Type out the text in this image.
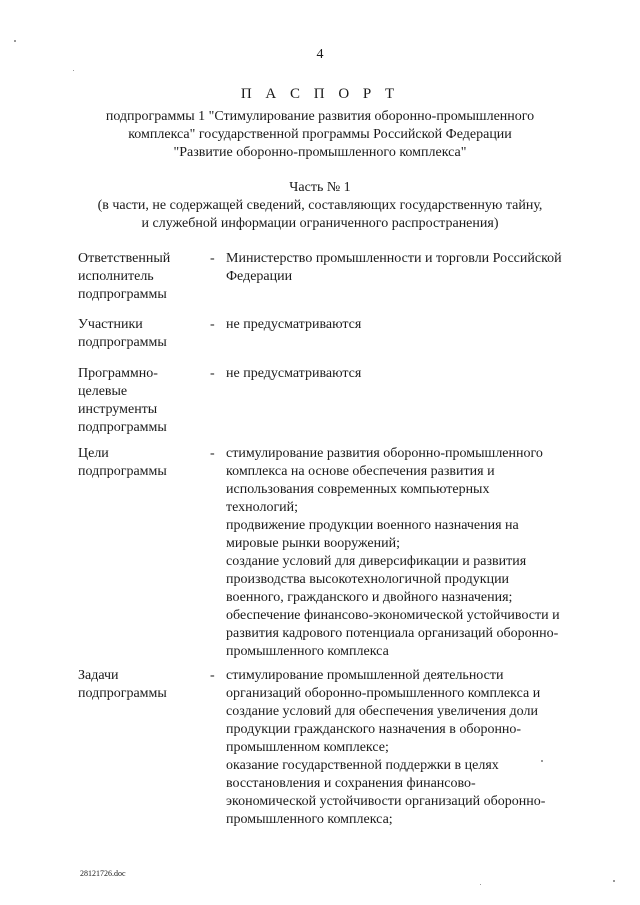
4
П А С П О Р Т
подпрограммы 1 "Стимулирование развития оборонно-промышленного
комплекса" государственной программы Российской Федерации
"Развитие оборонно-промышленного комплекса"
Часть № 1
(в части, не содержащей сведений, составляющих государственную тайну,
и служебной информации ограниченного распространения)
Ответственный
исполнитель
подпрограммы
- Министерство промышленности и торговли Российской
Федерации
Участники
подпрограммы
- не предусматриваются
Программно-
целевые
инструменты
подпрограммы
- не предусматриваются
Цели
подпрограммы
- стимулирование развития оборонно-промышленного
комплекса на основе обеспечения развития и
использования современных компьютерных
технологий;
продвижение продукции военного назначения на
мировые рынки вооружений;
создание условий для диверсификации и развития
производства высокотехнологичной продукции
военного, гражданского и двойного назначения;
обеспечение финансово-экономической устойчивости и
развития кадрового потенциала организаций оборонно-
промышленного комплекса
Задачи
подпрограммы
- стимулирование промышленной деятельности
организаций оборонно-промышленного комплекса и
создание условий для обеспечения увеличения доли
продукции гражданского назначения в оборонно-
промышленном комплексе;
оказание государственной поддержки в целях
восстановления и сохранения финансово-
экономической устойчивости организаций оборонно-
промышленного комплекса;
28121726.doc
